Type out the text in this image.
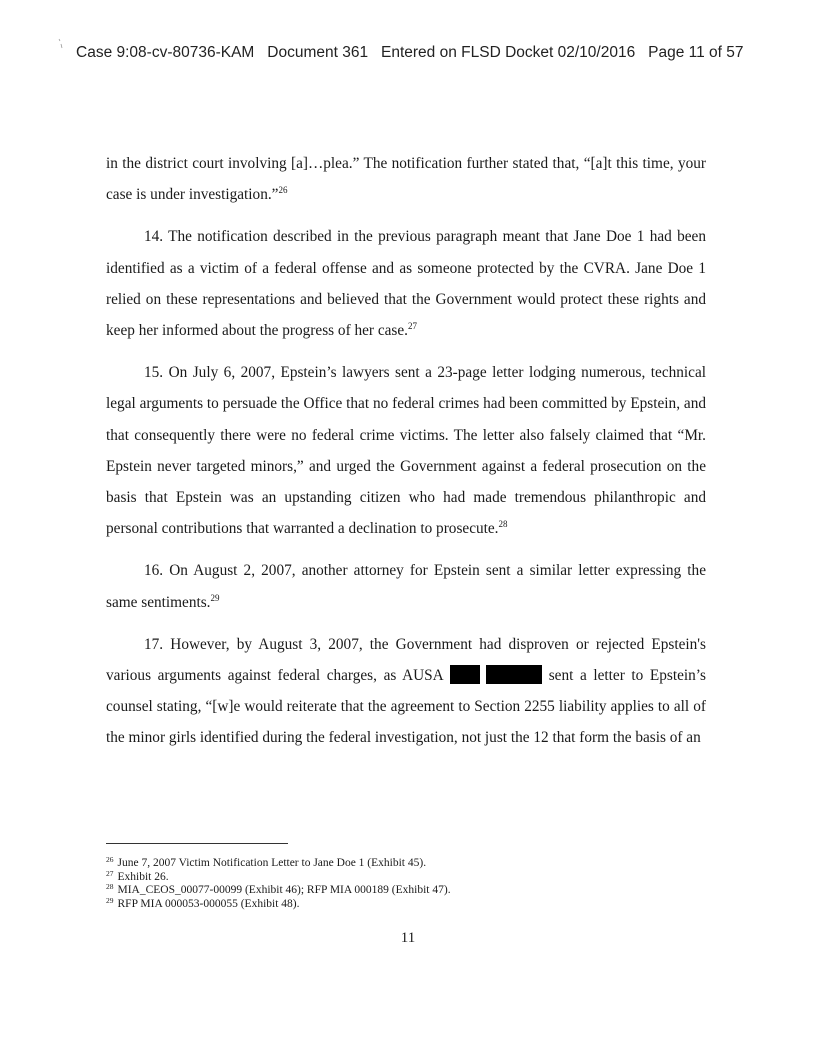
Case 9:08-cv-80736-KAM Document 361 Entered on FLSD Docket 02/10/2016 Page 11 of 57

in the district court involving [a]…plea.” The notification further stated that, “[a]t this time, your case is under investigation.”$^{26}$

14. The notification described in the previous paragraph meant that Jane Doe 1 had been identified as a victim of a federal offense and as someone protected by the CVRA. Jane Doe 1 relied on these representations and believed that the Government would protect these rights and keep her informed about the progress of her case.$^{27}$

15. On July 6, 2007, Epstein’s lawyers sent a 23-page letter lodging numerous, technical legal arguments to persuade the Office that no federal crimes had been committed by Epstein, and that consequently there were no federal crime victims. The letter also falsely claimed that “Mr. Epstein never targeted minors,” and urged the Government against a federal prosecution on the basis that Epstein was an upstanding citizen who had made tremendous philanthropic and personal contributions that warranted a declination to prosecute.$^{28}$

16. On August 2, 2007, another attorney for Epstein sent a similar letter expressing the same sentiments.$^{29}$

17. However, by August 3, 2007, the Government had disproven or rejected Epstein's various arguments against federal charges, as AUSA	sent a letter to Epstein’s counsel stating, “[w]e would reiterate that the agreement to Section 2255 liability applies to all of the minor girls identified during the federal investigation, not just the 12 that form the basis of an

$^{26}$ June 7, 2007 Victim Notification Letter to Jane Doe 1 (Exhibit 45).
$^{27}$ Exhibit 26.
$^{28}$ MIA_CEOS_00077-00099 (Exhibit 46); RFP MIA 000189 (Exhibit 47).
$^{29}$ RFP MIA 000053-000055 (Exhibit 48).
11
